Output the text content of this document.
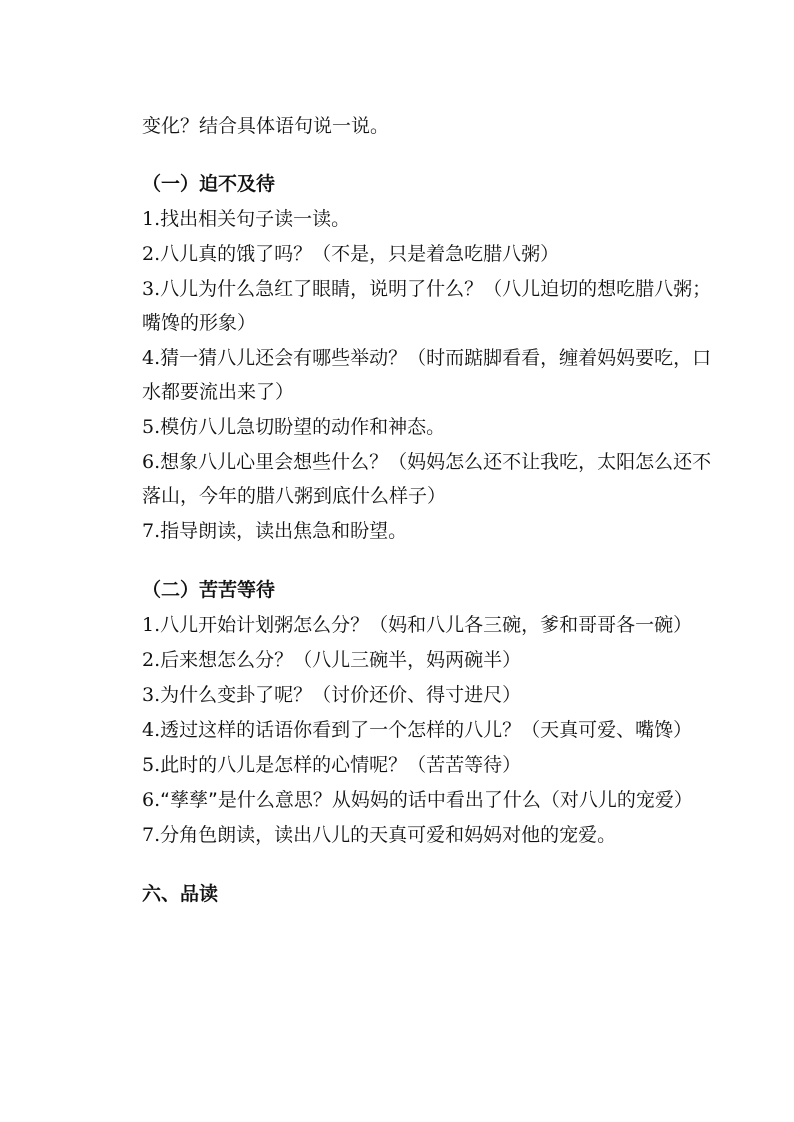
变化？结合具体语句说一说。
（一）迫不及待
1.找出相关句子读一读。
2.八儿真的饿了吗？（不是，只是着急吃腊八粥）
3.八儿为什么急红了眼睛，说明了什么？（八儿迫切的想吃腊八粥；嘴馋的形象）
4.猜一猜八儿还会有哪些举动？（时而踮脚看看，缠着妈妈要吃，口水都要流出来了）
5.模仿八儿急切盼望的动作和神态。
6.想象八儿心里会想些什么？（妈妈怎么还不让我吃，太阳怎么还不落山，今年的腊八粥到底什么样子）
7.指导朗读，读出焦急和盼望。
（二）苦苦等待
1.八儿开始计划粥怎么分？（妈和八儿各三碗，爹和哥哥各一碗）
2.后来想怎么分？（八儿三碗半，妈两碗半）
3.为什么变卦了呢？（讨价还价、得寸进尺）
4.透过这样的话语你看到了一个怎样的八儿？（天真可爱、嘴馋）
5.此时的八儿是怎样的心情呢？（苦苦等待）
6.“孳孳”是什么意思？从妈妈的话中看出了什么（对八儿的宠爱）
7.分角色朗读，读出八儿的天真可爱和妈妈对他的宠爱。
六、品读
